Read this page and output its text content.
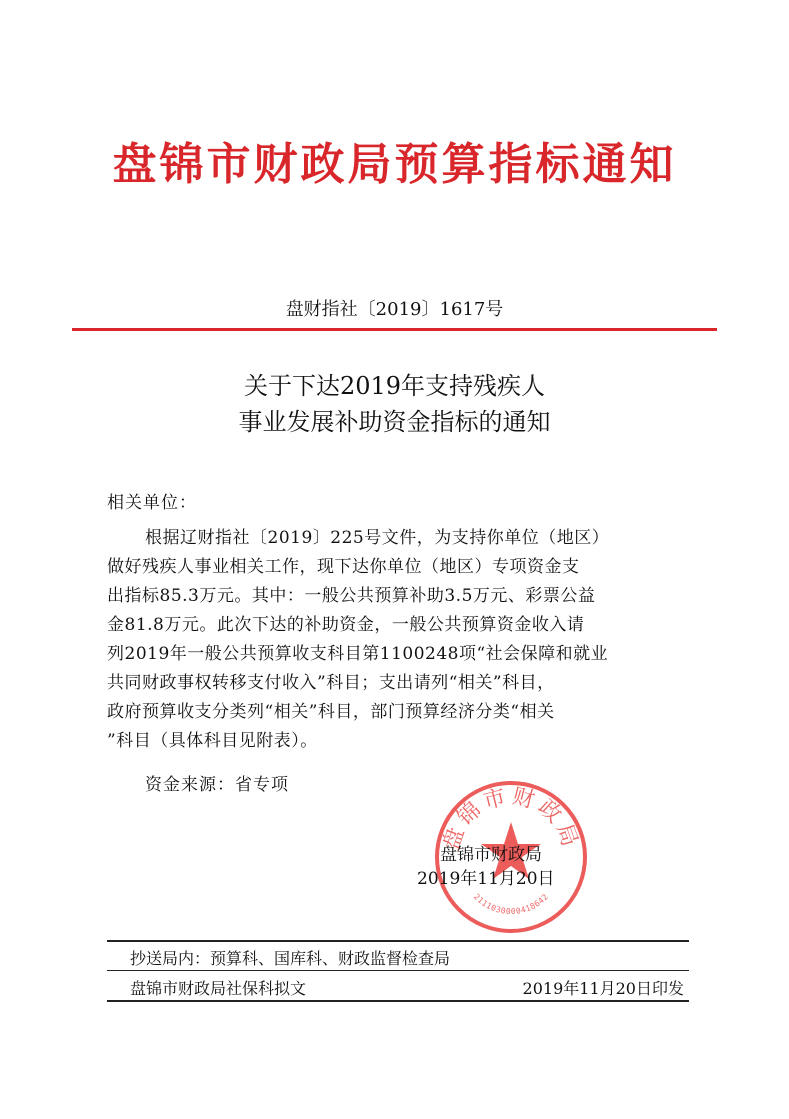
盘锦市财政局预算指标通知
盘财指社〔2019〕1617号
关于下达2019年支持残疾人
事业发展补助资金指标的通知
相关单位：
根据辽财指社〔2019〕225号文件，为支持你单位（地区）
做好残疾人事业相关工作，现下达你单位（地区）专项资金支
出指标85.3万元。其中：一般公共预算补助3.5万元、彩票公益
金81.8万元。此次下达的补助资金，一般公共预算资金收入请
列2019年一般公共预算收支科目第1100248项“社会保障和就业
共同财政事权转移支付收入”科目；支出请列“相关”科目，
政府预算收支分类列“相关”科目，部门预算经济分类“相关
”科目（具体科目见附表）。
资金来源：省专项
盘锦市财政局
2111030000418642
盘锦市财政局
2019年11月20日
抄送局内：预算科、国库科、财政监督检查局
盘锦市财政局社保科拟文	2019年11月20日印发
